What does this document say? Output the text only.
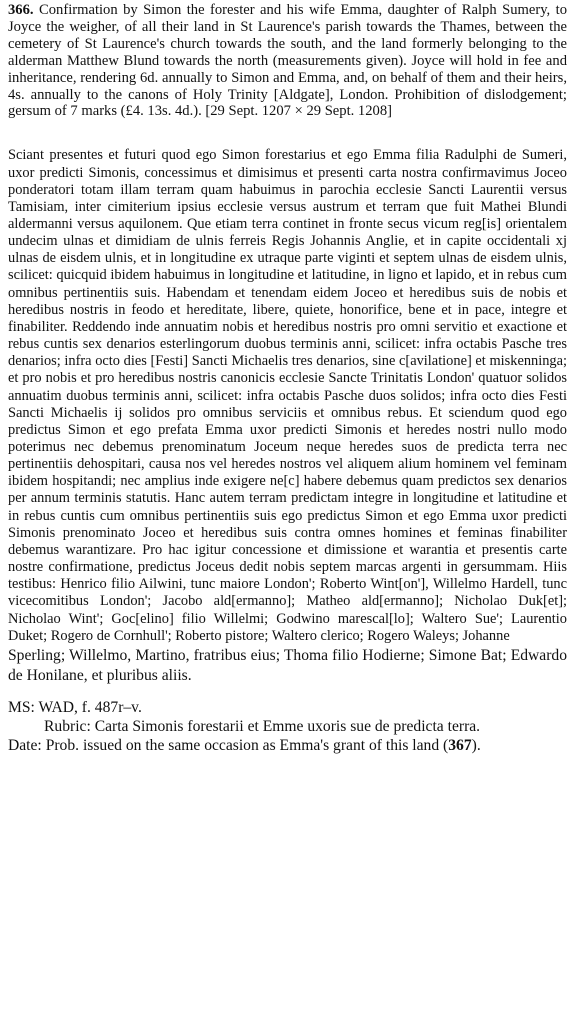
366. Confirmation by Simon the forester and his wife Emma, daughter of Ralph Sumery, to Joyce the weigher, of all their land in St Laurence's parish towards the Thames, between the cemetery of St Laurence's church towards the south, and the land formerly belonging to the alderman Matthew Blund towards the north (measurements given). Joyce will hold in fee and inheritance, rendering 6d. annually to Simon and Emma, and, on behalf of them and their heirs, 4s. annually to the canons of Holy Trinity [Aldgate], London. Prohibition of dislodgement; gersum of 7 marks (£4. 13s. 4d.). [29 Sept. 1207 × 29 Sept. 1208]

Sciant presentes et futuri quod ego Simon forestarius et ego Emma filia Radulphi de Sumeri, uxor predicti Simonis, concessimus et dimisimus et presenti carta nostra confirmavimus Joceo ponderatori totam illam terram quam habuimus in parochia ecclesie Sancti Laurentii versus Tamisiam, inter cimiterium ipsius ecclesie versus austrum et terram que fuit Mathei Blundi aldermanni versus aquilonem. Que etiam terra continet in fronte secus vicum reg[is] orientalem undecim ulnas et dimidiam de ulnis ferreis Regis Johannis Anglie, et in capite occidentali xj ulnas de eisdem ulnis, et in longitudine ex utraque parte viginti et septem ulnas de eisdem ulnis, scilicet: quicquid ibidem habuimus in longitudine et latitudine, in ligno et lapido, et in rebus cum omnibus pertinentiis suis. Habendam et tenendam eidem Joceo et heredibus suis de nobis et heredibus nostris in feodo et hereditate, libere, quiete, honorifice, bene et in pace, integre et finabiliter. Reddendo inde annuatim nobis et heredibus nostris pro omni servitio et exactione et rebus cuntis sex denarios esterlingorum duobus terminis anni, scilicet: infra octabis Pasche tres denarios; infra octo dies [Festi] Sancti Michaelis tres denarios, sine c[avilatione] et miskenninga; et pro nobis et pro heredibus nostris canonicis ecclesie Sancte Trinitatis London' quatuor solidos annuatim duobus terminis anni, scilicet: infra octabis Pasche duos solidos; infra octo dies Festi Sancti Michaelis ij solidos pro omnibus serviciis et omnibus rebus. Et sciendum quod ego predictus Simon et ego prefata Emma uxor predicti Simonis et heredes nostri nullo modo poterimus nec debemus prenominatum Joceum neque heredes suos de predicta terra nec pertinentiis dehospitari, causa nos vel heredes nostros vel aliquem alium hominem vel feminam ibidem hospitandi; nec amplius inde exigere ne[c] habere debemus quam predictos sex denarios per annum terminis statutis. Hanc autem terram predictam integre in longitudine et latitudine et in rebus cuntis cum omnibus pertinentiis suis ego predictus Simon et ego Emma uxor predicti Simonis prenominato Joceo et heredibus suis contra omnes homines et feminas finabiliter debemus warantizare. Pro hac igitur concessione et dimissione et warantia et presentis carte nostre confirmatione, predictus Joceus dedit nobis septem marcas argenti in gersummam. Hiis testibus: Henrico filio Ailwini, tunc maiore London'; Roberto Wint[on'], Willelmo Hardell, tunc vicecomitibus London'; Jacobo ald[ermanno]; Matheo ald[ermanno]; Nicholao Duk[et]; Nicholao Wint'; Goc[elino] filio Willelmi; Godwino marescal[lo]; Waltero Sue'; Laurentio Duket; Rogero de Cornhull'; Roberto pistore; Waltero clerico; Rogero Waleys; Johanne

Sperling; Willelmo, Martino, fratribus eius; Thoma filio Hodierne; Simone Bat; Edwardo de Honilane, et pluribus aliis.

MS: WAD, f. 487r–v.
Rubric: Carta Simonis forestarii et Emme uxoris sue de predicta terra.
Date: Prob. issued on the same occasion as Emma's grant of this land (367).
